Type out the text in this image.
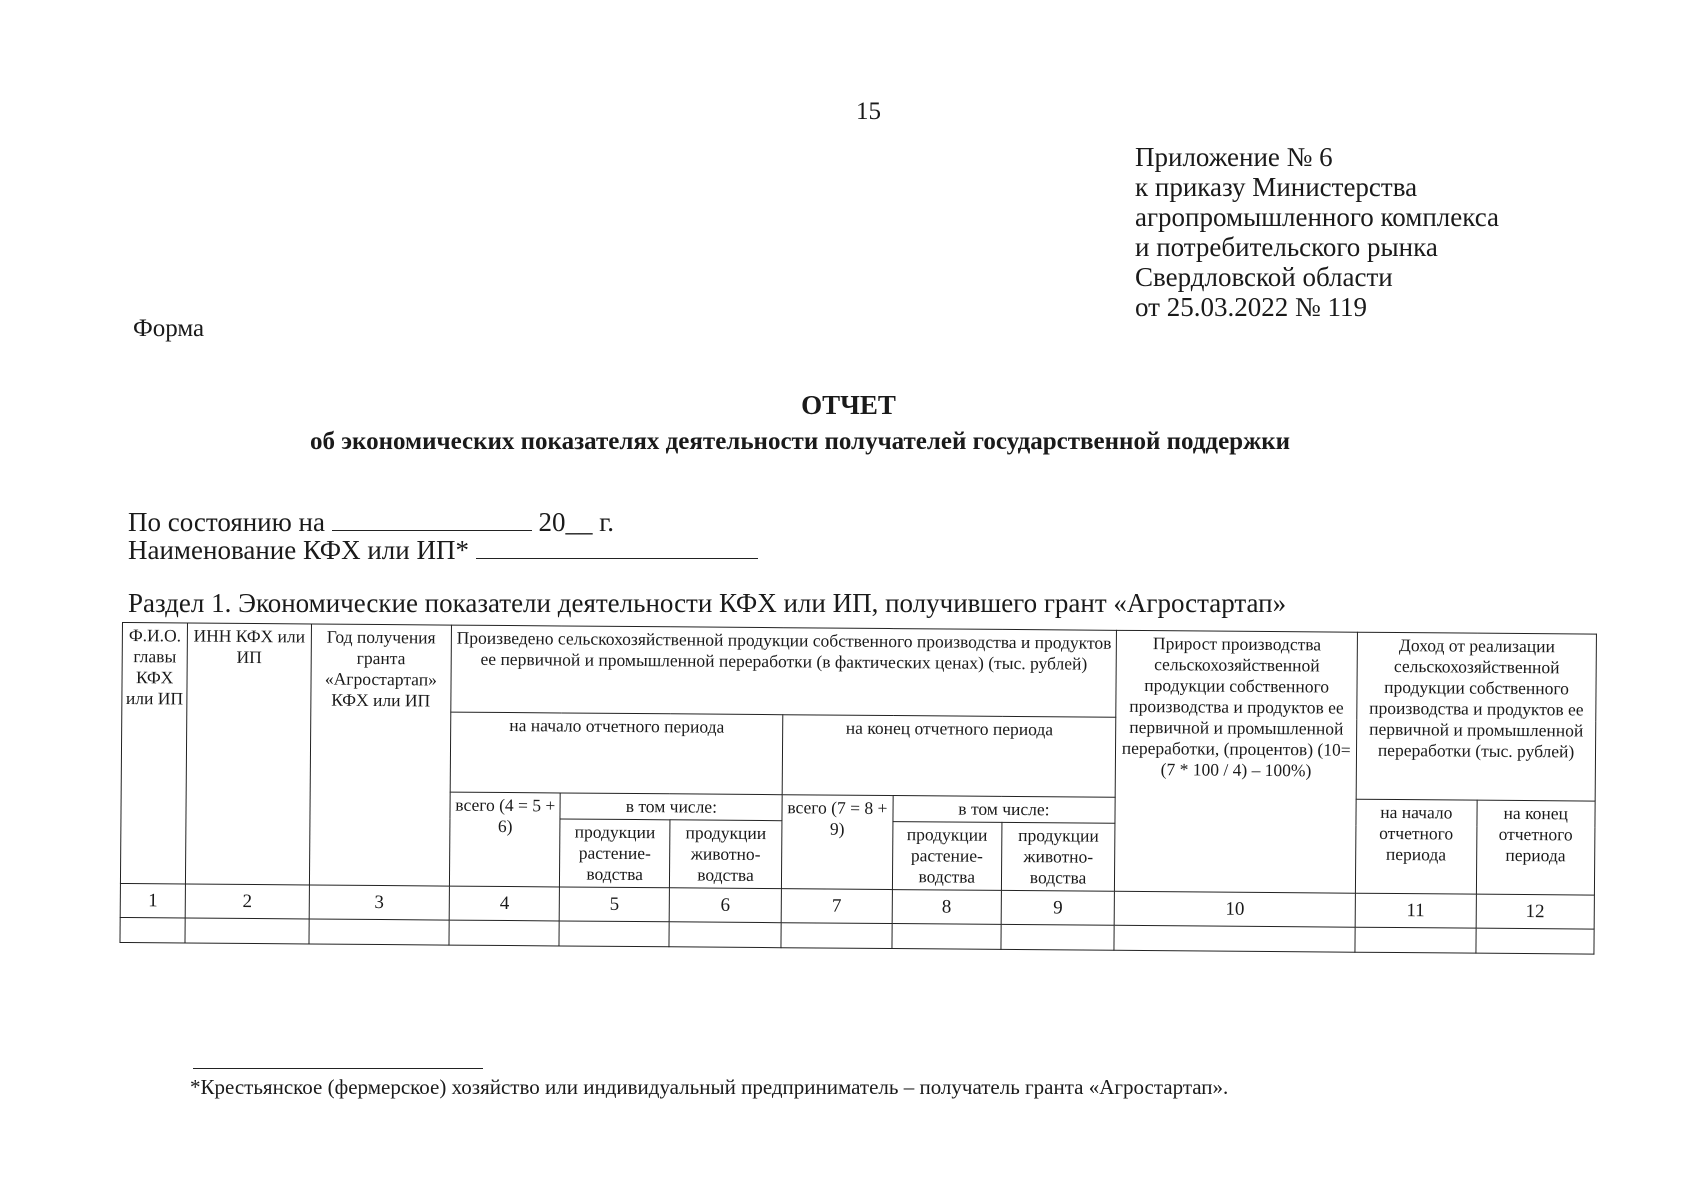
15
Приложение № 6
к приказу Министерства
агропромышленного комплекса
и потребительского рынка
Свердловской области
от 25.03.2022 № 119
Форма
ОТЧЕТ
об экономических показателях деятельности получателей государственной поддержки
По состоянию на	20__ г.
Наименование КФХ или ИП*
Раздел 1. Экономические показатели деятельности КФХ или ИП, получившего грант «Агростартап»
Ф.И.О. главы КФХ или ИП	ИНН КФХ или ИП	Год получения гранта «Агростартап» КФХ или ИП	Произведено сельскохозяйственной продукции собственного производства и продуктов ее первичной и промышленной переработки (в фактических ценах) (тыс. рублей)						Прирост производства сельскохозяйственной продукции собственного производства и продуктов ее первичной и промышленной переработки, (процентов) (10= (7 * 100 / 4) – 100%)	Доход от реализации сельскохозяйственной продукции собственного производства и продуктов ее первичной и промышленной переработки (тыс. рублей)	
			на начало отчетного периода			на конец отчетного периода					
			всего (4 = 5 + 6)	в том числе:		всего (7 = 8 + 9)	в том числе:			на начало отчетного периода	на конец отчетного периода
				продукции растение-водства	продукции животно-водства		продукции растение-водства	продукции животно-водства			
1	2	3	4	5	6	7	8	9	10	11	12

*Крестьянское (фермерское) хозяйство или индивидуальный предприниматель – получатель гранта «Агростартап».
